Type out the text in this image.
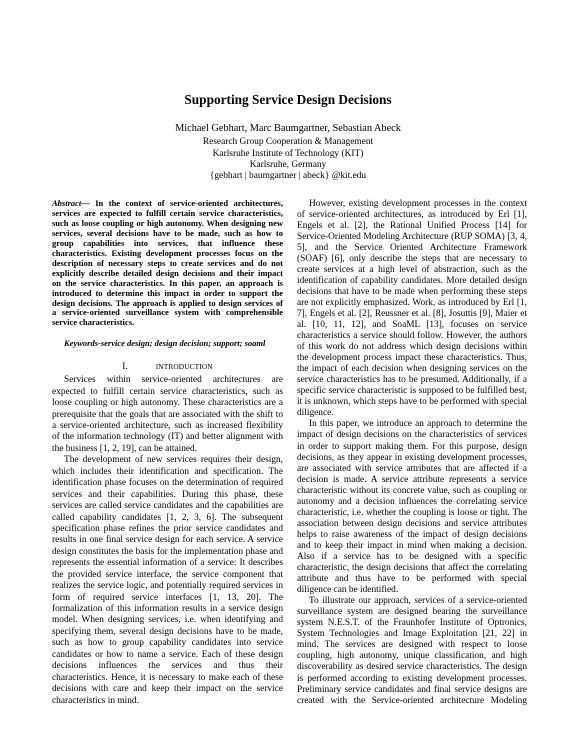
Supporting Service Design Decisions
Michael Gebhart, Marc Baumgartner, Sebastian Abeck
Research Group Cooperation & Management
Karlsruhe Institute of Technology (KIT)
Karlsruhe, Germany
{gebhart | baumgartner | abeck} @kit.edu
Abstract— In the context of service-oriented architectures,
services are expected to fulfill certain service characteristics,
such as loose coupling or high autonomy. When designing new
services, several decisions have to be made, such as how to
group capabilities into services, that influence these
characteristics. Existing development processes focus on the
description of necessary steps to create services and do not
explicitly describe detailed design decisions and their impact
on the service characteristics. In this paper, an approach is
introduced to determine this impact in order to support the
design decisions. The approach is applied to design services of
a service-oriented surveillance system with comprehensible
service characteristics.
Keywords-service design; design decision; support; soaml
I.	INTRODUCTION
Services within service-oriented architectures are
expected to fulfill certain service characteristics, such as
loose coupling or high autonomy. These characteristics are a
prerequisite that the goals that are associated with the shift to
a service-oriented architecture, such as increased flexibility
of the information technology (IT) and better alignment with
the business [1, 2, 19], can be attained.
The development of new services requires their design,
which includes their identification and specification. The
identification phase focuses on the determination of required
services and their capabilities. During this phase, these
services are called service candidates and the capabilities are
called capability candidates [1, 2, 3, 6]. The subsequent
specification phase refines the prior service candidates and
results in one final service design for each service. A service
design constitutes the basis for the implementation phase and
represents the essential information of a service: It describes
the provided service interface, the service component that
realizes the service logic, and potentially required services in
form of required service interfaces [1, 13, 20]. The
formalization of this information results in a service design
model. When designing services, i.e. when identifying and
specifying them, several design decisions have to be made,
such as how to group capability candidates into service
candidates or how to name a service. Each of these design
decisions influences the services and thus their
characteristics. Hence, it is necessary to make each of these
decisions with care and keep their impact on the service
characteristics in mind.
However, existing development processes in the context
of service-oriented architectures, as introduced by Erl [1],
Engels et al. [2], the Rational Unified Process [14] for
Service-Oriented Modeling Architecture (RUP SOMA) [3, 4,
5], and the Service Oriented Architecture Framework
(SOAF) [6], only describe the steps that are necessary to
create services at a high level of abstraction, such as the
identification of capability candidates. More detailed design
decisions that have to be made when performing these steps
are not explicitly emphasized. Work, as introduced by Erl [1,
7], Engels et al. [2], Reussner et al. [8], Josuttis [9], Maier et
al. [10, 11, 12], and SoaML [13], focuses on service
characteristics a service should follow. However, the authors
of this work do not address which design decisions within
the development process impact these characteristics. Thus,
the impact of each decision when designing services on the
service characteristics has to be presumed. Additionally, if a
specific service characteristic is supposed to be fulfilled best,
it is unknown, which steps have to be performed with special
diligence.
In this paper, we introduce an approach to determine the
impact of design decisions on the characteristics of services
in order to support making them. For this purpose, design
decisions, as they appear in existing development processes,
are associated with service attributes that are affected if a
decision is made. A service attribute represents a service
characteristic without its concrete value, such as coupling or
autonomy and a decision influences the correlating service
characteristic, i.e. whether the coupling is loose or tight. The
association between design decisions and service attributes
helps to raise awareness of the impact of design decisions
and to keep their impact in mind when making a decision.
Also if a service has to be designed with a specific
characteristic, the design decisions that affect the correlating
attribute and thus have to be performed with special
diligence can be identified.
To illustrate our approach, services of a service-oriented
surveillance system are designed bearing the surveillance
system N.E.S.T. of the Fraunhofer Institute of Optronics,
System Technologies and Image Exploitation [21, 22] in
mind. The services are designed with respect to loose
coupling, high autonomy, unique classification, and high
discoverability as desired service characteristics. The design
is performed according to existing development processes.
Preliminary service candidates and final service designs are
created with the Service-oriented architecture Modeling
